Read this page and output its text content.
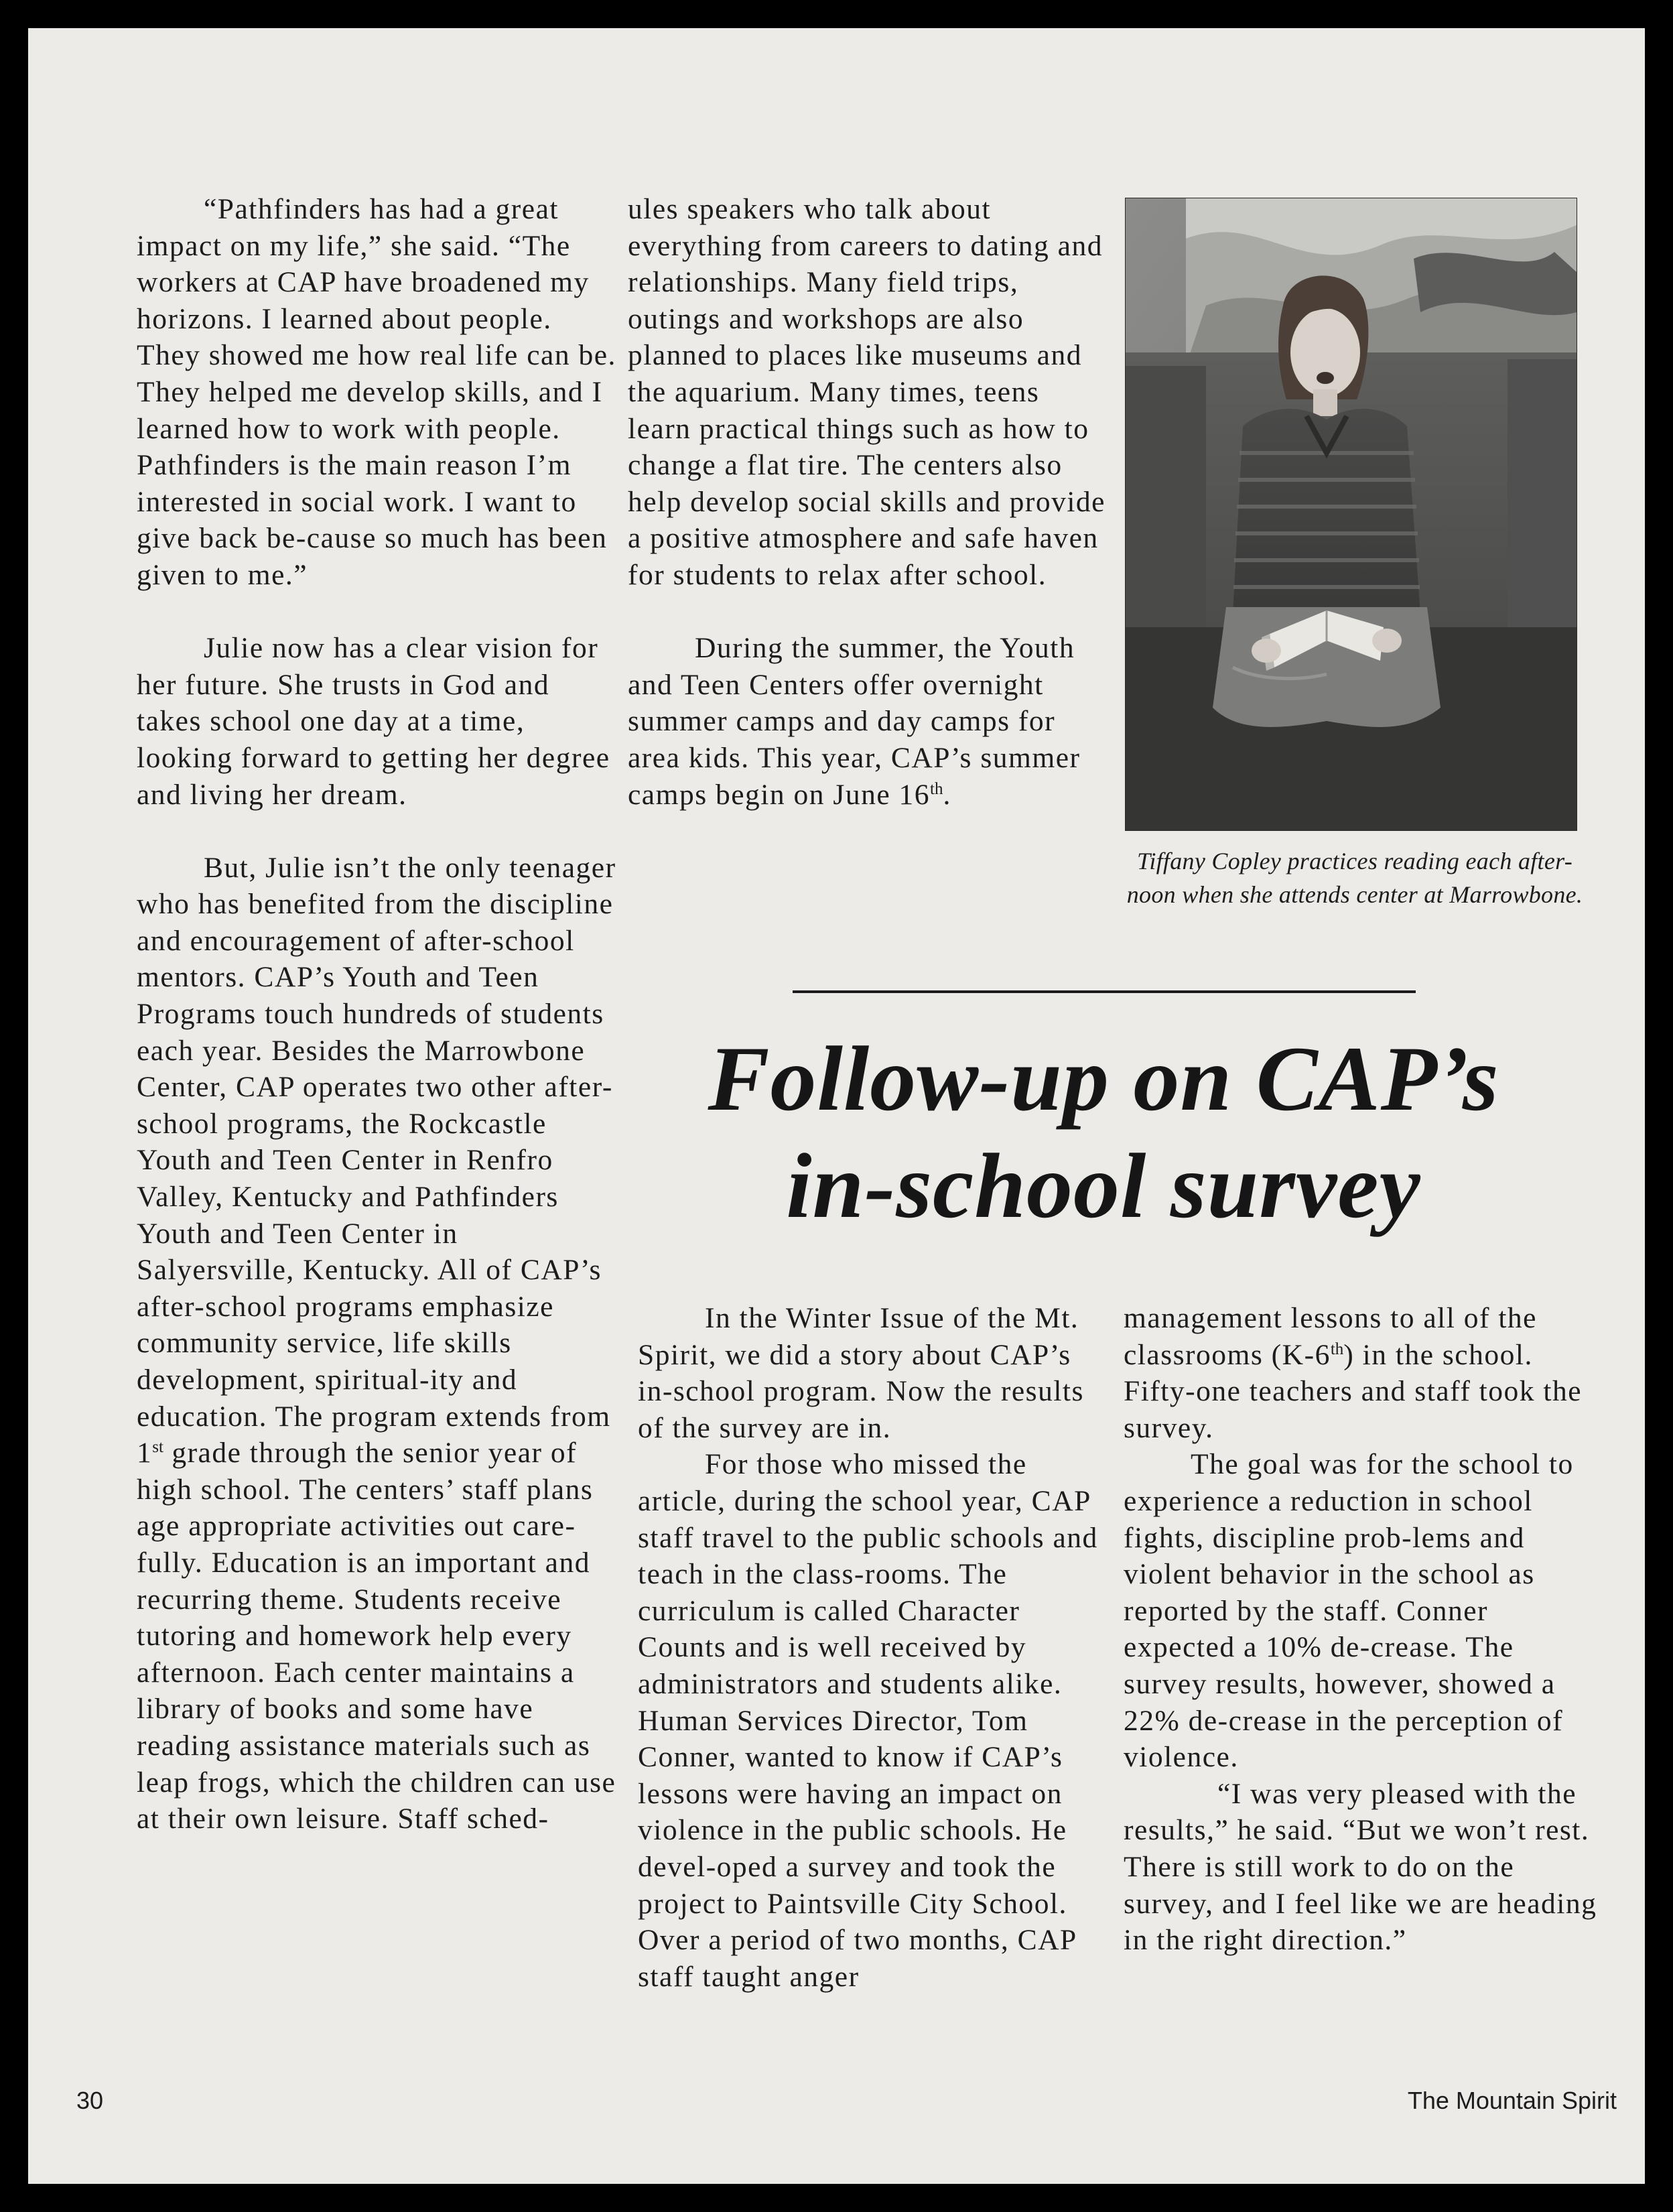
“Pathfinders has had a great impact on my life,” she said. “The workers at CAP have broadened my horizons. I learned about people. They showed me how real life can be. They helped me develop skills, and I learned how to work with people. Pathfinders is the main reason I’m interested in social work. I want to give back be-cause so much has been given to me.”

Julie now has a clear vision for her future. She trusts in God and takes school one day at a time, looking forward to getting her degree and living her dream.

But, Julie isn’t the only teenager who has benefited from the discipline and encouragement of after-school mentors. CAP’s Youth and Teen Programs touch hundreds of students each year. Besides the Marrowbone Center, CAP operates two other after-school programs, the Rockcastle Youth and Teen Center in Renfro Valley, Kentucky and Pathfinders Youth and Teen Center in Salyersville, Kentucky. All of CAP’s after-school programs emphasize community service, life skills development, spiritual-ity and education. The program extends from 1st grade through the senior year of high school. The centers’ staff plans age appropriate activities out care-fully. Education is an important and recurring theme. Students receive tutoring and homework help every afternoon. Each center maintains a library of books and some have reading assistance materials such as leap frogs, which the children can use at their own leisure. Staff sched-

ules speakers who talk about everything from careers to dating and relationships. Many field trips, outings and workshops are also planned to places like museums and the aquarium. Many times, teens learn practical things such as how to change a flat tire. The centers also help develop social skills and provide a positive atmosphere and safe haven for students to relax after school.

During the summer, the Youth and Teen Centers offer overnight summer camps and day camps for area kids. This year, CAP’s summer camps begin on June 16th.

Tiffany Copley practices reading each after-noon when she attends center at Marrowbone.
Follow-up on CAP’s
in-school survey

In the Winter Issue of the Mt. Spirit, we did a story about CAP’s in-school program. Now the results of the survey are in.

For those who missed the article, during the school year, CAP staff travel to the public schools and teach in the class-rooms. The curriculum is called Character Counts and is well received by administrators and students alike. Human Services Director, Tom Conner, wanted to know if CAP’s lessons were having an impact on violence in the public schools. He devel-oped a survey and took the project to Paintsville City School. Over a period of two months, CAP staff taught anger

management lessons to all of the classrooms (K-6th) in the school. Fifty-one teachers and staff took the survey.

The goal was for the school to experience a reduction in school fights, discipline prob-lems and violent behavior in the school as reported by the staff. Conner expected a 10% de-crease. The survey results, however, showed a 22% de-crease in the perception of violence.

“I was very pleased with the results,” he said. “But we won’t rest. There is still work to do on the survey, and I feel like we are heading in the right direction.”

30	The Mountain Spirit
